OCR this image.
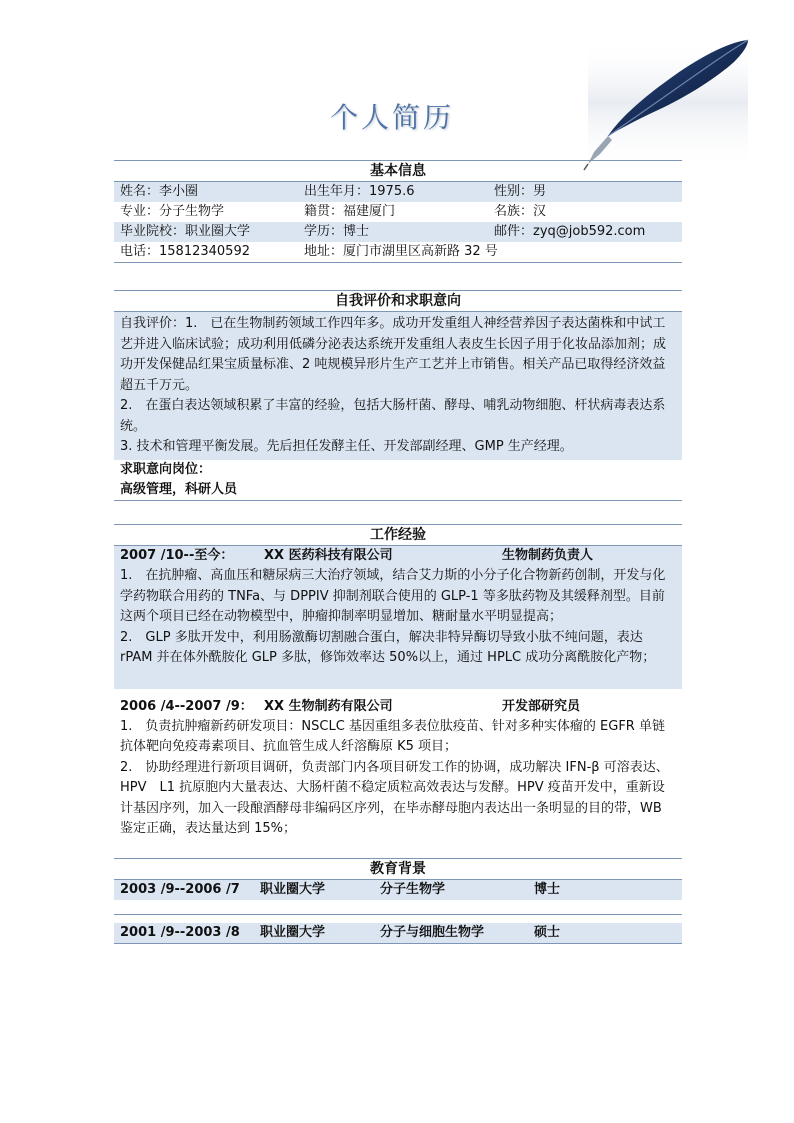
个人简历
基本信息
姓名：李小圈	出生年月：1975.6	性别：男
专业：分子生物学	籍贯：福建厦门	名族：汉
毕业院校：职业圈大学	学历：博士	邮件：zyq@job592.com
电话：15812340592	地址：厦门市湖里区高新路 32 号
自我评价和求职意向

自我评价：1.　已在生物制药领域工作四年多。成功开发重组人神经营养因子表达菌株和中试工艺并进入临床试验；成功利用低磷分泌表达系统开发重组人表皮生长因子用于化妆品添加剂；成功开发保健品红果宝质量标准、2 吨规模异形片生产工艺并上市销售。相关产品已取得经济效益超五千万元。

2.　在蛋白表达领域积累了丰富的经验，包括大肠杆菌、酵母、哺乳动物细胞、杆状病毒表达系统。

3. 技术和管理平衡发展。先后担任发酵主任、开发部副经理、GMP 生产经理。

求职意向岗位：
高级管理，科研人员
工作经验
2007 /10--至今：	XX 医药科技有限公司	生物制药负责人

1.　在抗肿瘤、高血压和糖尿病三大治疗领域，结合艾力斯的小分子化合物新药创制，开发与化学药物联合用药的 TNFa、与 DPPIV 抑制剂联合使用的 GLP-1 等多肽药物及其缓释剂型。目前这两个项目已经在动物模型中，肿瘤抑制率明显增加、糖耐量水平明显提高；

2.　GLP 多肽开发中，利用肠激酶切割融合蛋白，解决非特异酶切导致小肽不纯问题，表达 rPAM 并在体外酰胺化 GLP 多肽，修饰效率达 50%以上，通过 HPLC 成功分离酰胺化产物；

2006 /4--2007 /9： XX 生物制药有限公司	开发部研究员

1.　负责抗肿瘤新药研发项目：NSCLC 基因重组多表位肽疫苗、针对多种实体瘤的 EGFR 单链抗体靶向免疫毒素项目、抗血管生成人纤溶酶原 K5 项目；

2.　协助经理进行新项目调研，负责部门内各项目研发工作的协调，成功解决 IFN-β 可溶表达、HPV　L1 抗原胞内大量表达、大肠杆菌不稳定质粒高效表达与发酵。HPV 疫苗开发中，重新设计基因序列，加入一段酿酒酵母非编码区序列，在毕赤酵母胞内表达出一条明显的目的带，WB 鉴定正确，表达量达到 15%；

教育背景
2003 /9--2006 /7	职业圈大学	分子生物学	博士
2001 /9--2003 /8	职业圈大学	分子与细胞生物学	硕士
